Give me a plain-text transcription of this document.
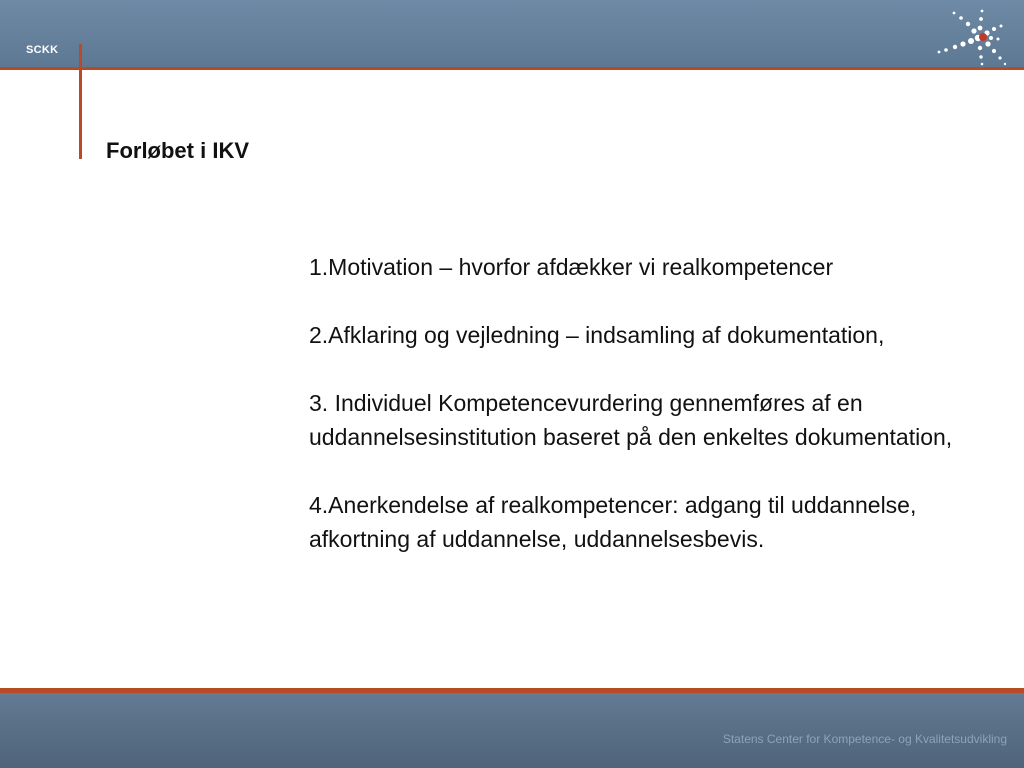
SCKK
Forløbet i IKV

1.Motivation – hvorfor afdækker vi realkompetencer

2.Afklaring og vejledning – indsamling af dokumentation,

3. Individuel Kompetencevurdering gennemføres af en uddannelsesinstitution baseret på den enkeltes dokumentation,

4.Anerkendelse af realkompetencer: adgang til uddannelse, afkortning af uddannelse, uddannelsesbevis.

Statens Center for Kompetence- og Kvalitetsudvikling
